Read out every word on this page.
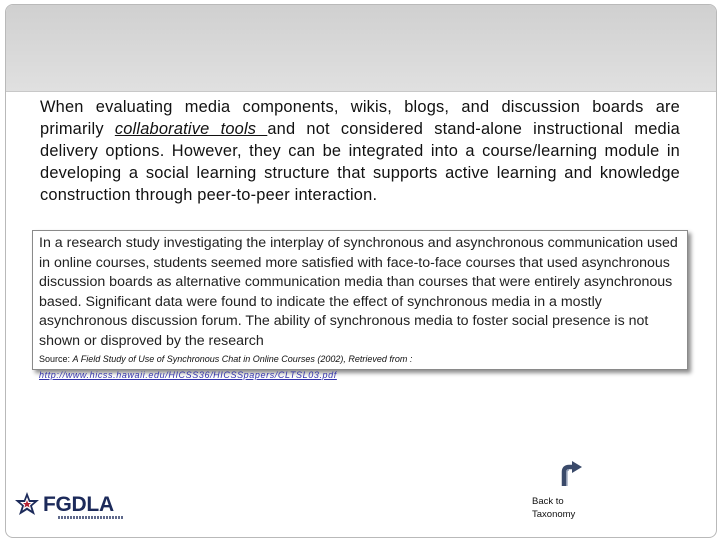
When evaluating media components, wikis, blogs, and discussion boards are primarily collaborative tools and not considered stand-alone instructional media delivery options. However, they can be integrated into a course/learning module in developing a social learning structure that supports active learning and knowledge construction through peer-to-peer interaction.
In a research study investigating the interplay of synchronous and asynchronous communication used in online courses, students seemed more satisfied with face-to-face courses that used asynchronous discussion boards as alternative communication media than courses that were entirely asynchronous based. Significant data were found to indicate the effect of synchronous media in a mostly asynchronous discussion forum. The ability of synchronous media to foster social presence is not shown or disproved by the research
Source: A Field Study of Use of Synchronous Chat in Online Courses (2002), Retrieved from :
http://www.hicss.hawaii.edu/HICSS36/HICSSpapers/CLTSL03.pdf
FGDLA	Back to
Taxonomy
